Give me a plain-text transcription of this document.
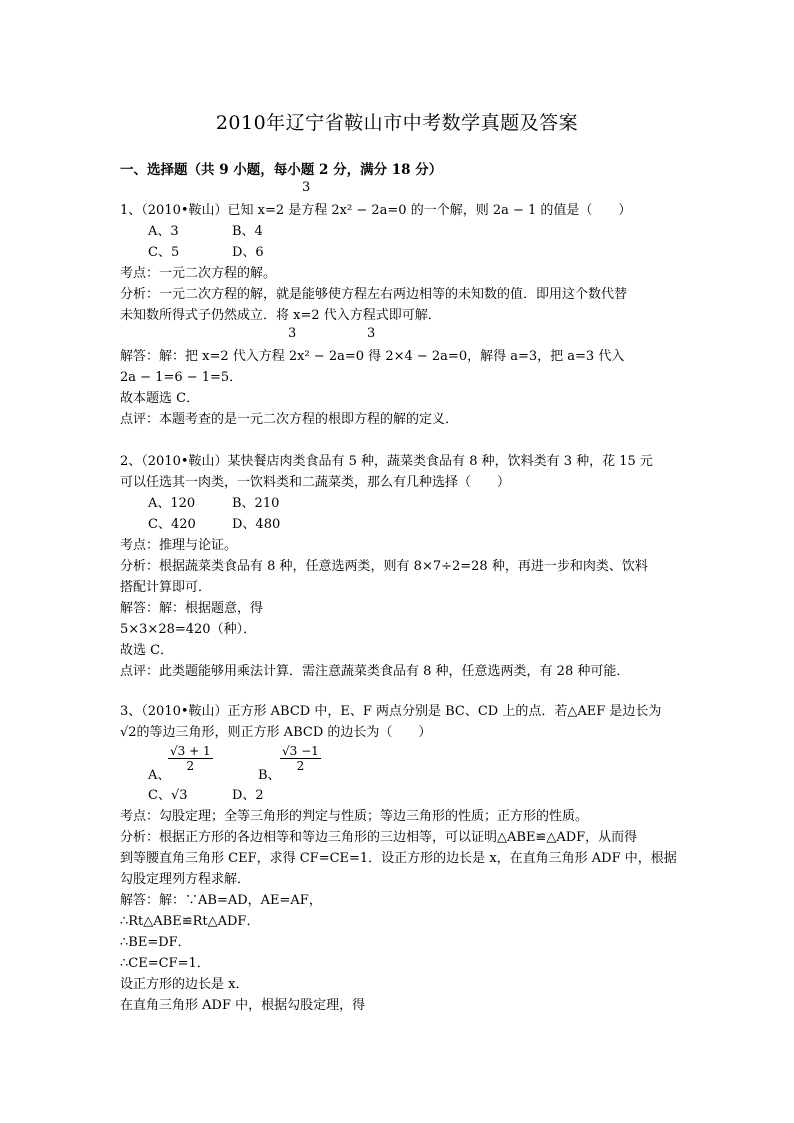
2010年辽宁省鞍山市中考数学真题及答案
一、选择题（共 9 小题，每小题 2 分，满分 18 分）
3
1、（2010•鞍山）已知 x=2 是方程 2x² − 2a=0 的一个解，则 2a − 1 的值是（　　）
A、3	B、4
C、5	D、6
考点：一元二次方程的解。
分析：一元二次方程的解，就是能够使方程左右两边相等的未知数的值．即用这个数代替
未知数所得式子仍然成立．将 x=2 代入方程式即可解．
3	3
解答：解：把 x=2 代入方程 2x² − 2a=0 得 2×4 − 2a=0，解得 a=3，把 a=3 代入
2a − 1=6 − 1=5．
故本题选 C．
点评：本题考查的是一元二次方程的根即方程的解的定义．
2、（2010•鞍山）某快餐店肉类食品有 5 种，蔬菜类食品有 8 种，饮料类有 3 种，花 15 元
可以任选其一肉类，一饮料类和二蔬菜类，那么有几种选择（　　）
A、120	B、210
C、420	D、480
考点：推理与论证。
分析：根据蔬菜类食品有 8 种，任意选两类，则有 8×7÷2=28 种，再进一步和肉类、饮料
搭配计算即可．
解答：解：根据题意，得
5×3×28=420（种）．
故选 C．
点评：此类题能够用乘法计算．需注意蔬菜类食品有 8 种，任意选两类，有 28 种可能．
3、（2010•鞍山）正方形 ABCD 中，E、F 两点分别是 BC、CD 上的点．若△AEF 是边长为
√2的等边三角形，则正方形 ABCD 的边长为（　　）
A、
$\frac{√3 + 1}{2}$
B、
$\frac{√3 -1}{2}$
C、√3	D、2
考点：勾股定理；全等三角形的判定与性质；等边三角形的性质；正方形的性质。
分析：根据正方形的各边相等和等边三角形的三边相等，可以证明△ABE≌△ADF，从而得
到等腰直角三角形 CEF，求得 CF=CE=1．设正方形的边长是 x，在直角三角形 ADF 中，根据
勾股定理列方程求解．
解答：解：∵AB=AD，AE=AF，
∴Rt△ABE≌Rt△ADF．
∴BE=DF．
∴CE=CF=1．
设正方形的边长是 x．
在直角三角形 ADF 中，根据勾股定理，得
